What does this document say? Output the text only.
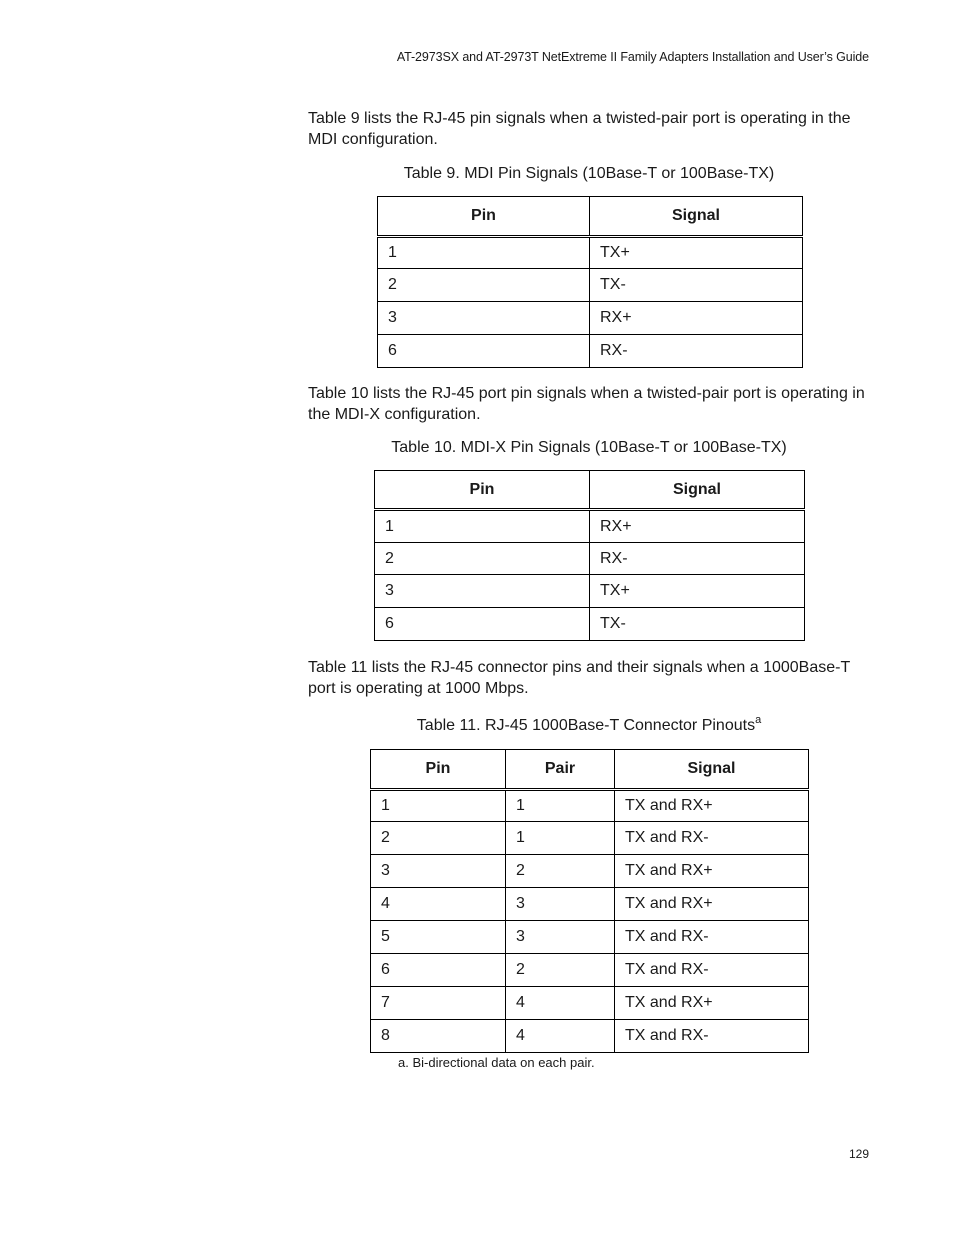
AT-2973SX and AT-2973T NetExtreme II Family Adapters Installation and User’s Guide

Table 9 lists the RJ-45 pin signals when a twisted-pair port is operating in the MDI configuration.

Table 9. MDI Pin Signals (10Base-T or 100Base-TX)
Pin	Signal
1	TX+
2	TX-
3	RX+
6	RX-

Table 10 lists the RJ-45 port pin signals when a twisted-pair port is operating in the MDI-X configuration.

Table 10. MDI-X Pin Signals (10Base-T or 100Base-TX)
Pin	Signal
1	RX+
2	RX-
3	TX+
6	TX-

Table 11 lists the RJ-45 connector pins and their signals when a 1000Base-T port is operating at 1000 Mbps.

Table 11. RJ-45 1000Base-T Connector Pinouts$^a$
Pin	Pair	Signal
1	1	TX and RX+
2	1	TX and RX-
3	2	TX and RX+
4	3	TX and RX+
5	3	TX and RX-
6	2	TX and RX-
7	4	TX and RX+
8	4	TX and RX-
a. Bi-directional data on each pair.
129
